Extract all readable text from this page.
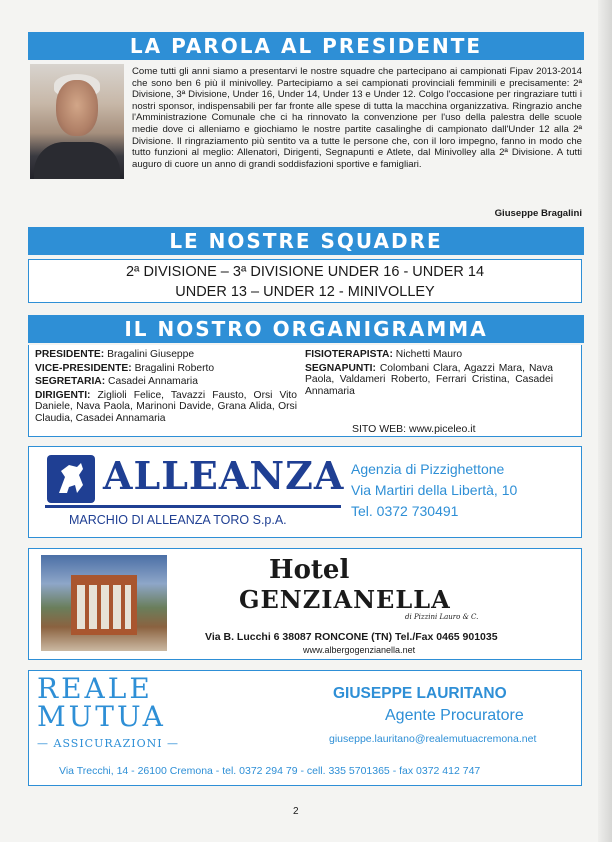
LA PAROLA AL PRESIDENTE
Come tutti gli anni siamo a presentarvi le nostre squadre che partecipano ai campionati Fipav 2013-2014 che sono ben 6 più il minivolley. Partecipiamo a sei campionati provinciali femminili e precisamente: 2ª Divisione, 3ª Divisione, Under 16, Under 14, Under 13 e Under 12. Colgo l'occasione per ringraziare tutti i nostri sponsor, indispensabili per far fronte alle spese di tutta la macchina organizzativa. Ringrazio anche l'Amministrazione Comunale che ci ha rinnovato la convenzione per l'uso della palestra delle scuole medie dove ci alleniamo e giochiamo le nostre partite casalinghe di campionato dall'Under 12 alla 2ª Divisione. Il ringraziamento più sentito va a tutte le persone che, con il loro impegno, fanno in modo che tutto funzioni al meglio: Allenatori, Dirigenti, Segnapunti e Atlete, dal Minivolley alla 2ª Divisione. A tutti auguro di cuore un anno di grandi soddisfazioni sportive e famigliari.
Giuseppe Bragalini
LE NOSTRE SQUADRE
2ª DIVISIONE – 3ª DIVISIONE UNDER 16 - UNDER 14
UNDER 13 – UNDER 12 - MINIVOLLEY
IL NOSTRO ORGANIGRAMMA

PRESIDENTE: Bragalini Giuseppe

VICE-PRESIDENTE: Bragalini Roberto

SEGRETARIA: Casadei Annamaria

DIRIGENTI: Ziglioli Felice, Tavazzi Fausto, Orsi Vito Daniele, Nava Paola, Marinoni Davide, Grana Alida, Orsi Claudia, Casadei Annamaria

FISIOTERAPISTA: Nichetti Mauro

SEGNAPUNTI: Colombani Clara, Agazzi Mara, Nava Paola, Valdameri Roberto, Ferrari Cristina, Casadei Annamaria

SITO WEB: www.piceleo.it
ALLEANZA
MARCHIO DI ALLEANZA TORO S.p.A.
Agenzia di Pizzighettone
Via Martiri della Libertà, 10
Tel. 0372 730491
Hotel
GENZIANELLA
di Pizzini Lauro & C.
Via B. Lucchi 6 38087 RONCONE (TN) Tel./Fax 0465 901035
www.albergogenzianella.net
REALE
MUTUA
— ASSICURAZIONI —
GIUSEPPE LAURITANO
Agente Procuratore
giuseppe.lauritano@realemutuacremona.net
Via Trecchi, 14 - 26100 Cremona - tel. 0372 294 79 - cell. 335 5701365 - fax 0372 412 747
2
